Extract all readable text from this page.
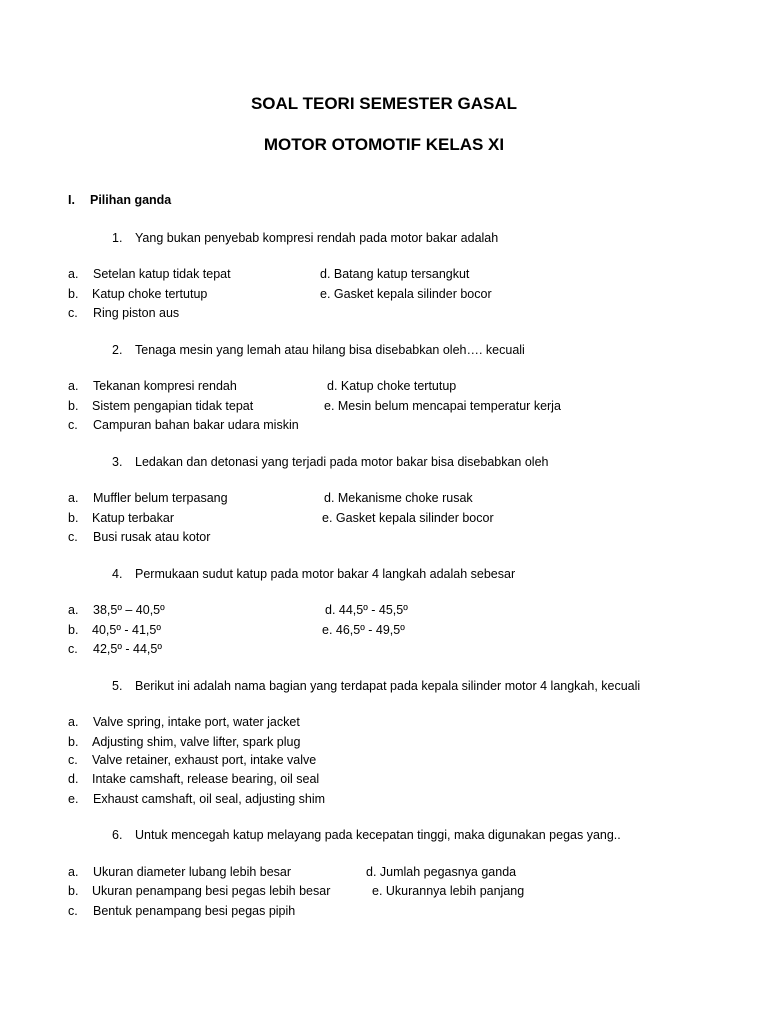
SOAL TEORI SEMESTER GASAL
MOTOR OTOMOTIF KELAS XI
I. Pilihan ganda
1. Yang bukan penyebab kompresi rendah pada motor bakar adalah
a. Setelan katup tidak tepat	d. Batang katup tersangkut
b. Katup choke tertutup	e. Gasket kepala silinder bocor
c. Ring piston aus
2. Tenaga mesin yang lemah atau hilang bisa disebabkan oleh…. kecuali
a. Tekanan kompresi rendah	d. Katup choke tertutup
b. Sistem pengapian tidak tepat	e. Mesin belum mencapai temperatur kerja
c. Campuran bahan bakar udara miskin
3. Ledakan dan detonasi yang terjadi pada motor bakar bisa disebabkan oleh
a. Muffler belum terpasang	d. Mekanisme choke rusak
b. Katup terbakar	e. Gasket kepala silinder bocor
c. Busi rusak atau kotor
4. Permukaan sudut katup pada motor bakar 4 langkah adalah sebesar
a. 38,5º – 40,5º	d. 44,5º - 45,5º
b. 40,5º - 41,5º	e. 46,5º - 49,5º
c. 42,5º - 44,5º
5. Berikut ini adalah nama bagian yang terdapat pada kepala silinder motor 4 langkah, kecuali
a. Valve spring, intake port, water jacket
b. Adjusting shim, valve lifter, spark plug
c. Valve retainer, exhaust port, intake valve
d. Intake camshaft, release bearing, oil seal
e. Exhaust camshaft, oil seal, adjusting shim
6. Untuk mencegah katup melayang pada kecepatan tinggi, maka digunakan pegas yang..
a. Ukuran diameter lubang lebih besar	d. Jumlah pegasnya ganda
b. Ukuran penampang besi pegas lebih besar	e. Ukurannya lebih panjang
c. Bentuk penampang besi pegas pipih
